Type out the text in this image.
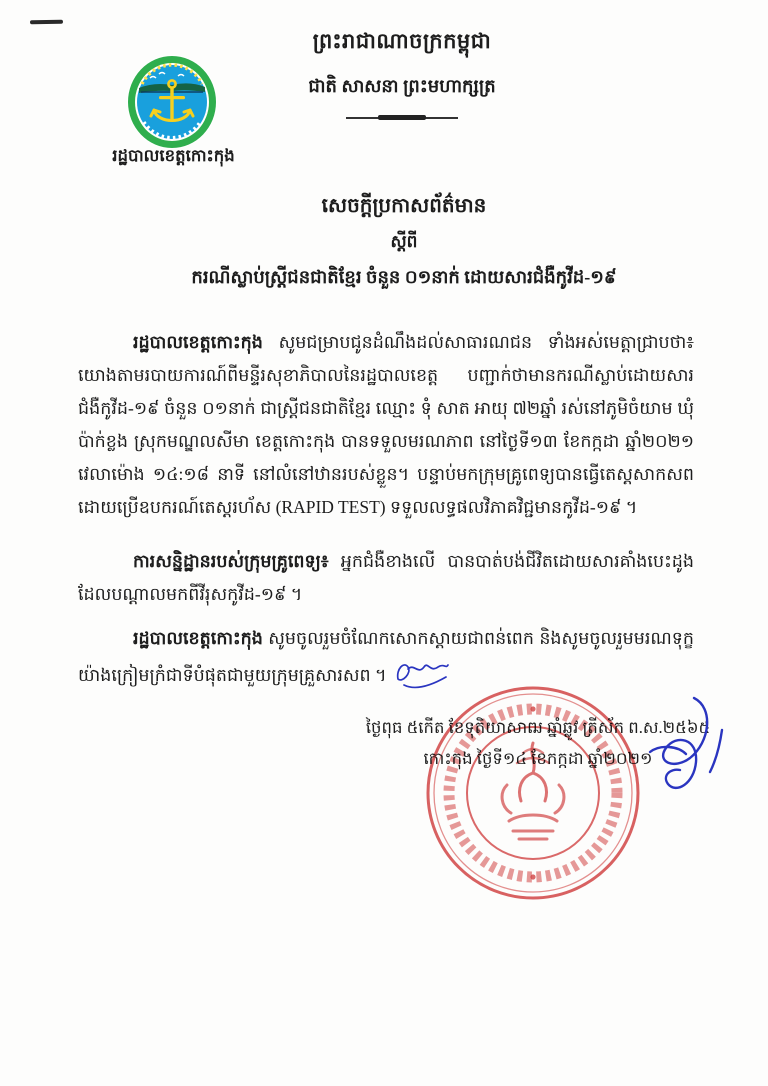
ព្រះរាជាណាចក្រកម្ពុជា
ជាតិ សាសនា ព្រះមហាក្សត្រ
រដ្ឋបាលខេត្តកោះកុង
សេចក្តីប្រកាសព័ត៌មាន
ស្តីពី
ករណីស្លាប់ស្ត្រីជនជាតិខ្មែរ ចំនួន ០១នាក់ ដោយសារជំងឺកូវីដ-១៩

រដ្ឋបាលខេត្តកោះកុង សូមជម្រាបជូនដំណឹងដល់សាធារណជន ទាំងអស់មេត្តាជ្រាបថា៖ យោងតាមរបាយការណ៍ពីមន្ទីរសុខាភិបាលនៃរដ្ឋបាលខេត្ត បញ្ជាក់ថាមានករណីស្លាប់ដោយសារជំងឺកូវីដ-១៩ ចំនួន ០១នាក់ ជាស្ត្រីជនជាតិខ្មែរ ឈ្មោះ ទុំ សាត អាយុ ៧២ឆ្នាំ រស់នៅភូមិចំយាម ឃុំប៉ាក់ខ្លង ស្រុកមណ្ឌលសីមា ខេត្តកោះកុង បានទទួលមរណភាព នៅថ្ងៃទី១៣ ខែកក្កដា ឆ្នាំ២០២១ វេលាម៉ោង ១៤:១៨ នាទី នៅលំនៅឋានរបស់ខ្លួន។ បន្ទាប់មកក្រុមគ្រូពេទ្យបានធ្វើតេស្តសាកសព ដោយប្រើឧបករណ៍តេស្តរហ័ស (RAPID TEST) ទទួលលទ្ធផលវិភាគវិជ្ជមានកូវីដ-១៩ ។

ការសន្និដ្ឋានរបស់ក្រុមគ្រូពេទ្យ៖ អ្នកជំងឺខាងលើ បានបាត់បង់ជីវិតដោយសារគាំងបេះដូង ដែលបណ្តាលមកពីវីរុសកូវីដ-១៩ ។

រដ្ឋបាលខេត្តកោះកុង សូមចូលរួមចំណែកសោកស្តាយជាពន់ពេក និងសូមចូលរួមមរណទុក្ខយ៉ាងក្រៀមក្រំជាទីបំផុតជាមួយក្រុមគ្រួសារសព ។

ថ្ងៃពុធ ៥កើត ខែទុតិយាសាឍ ឆ្នាំឆ្លូវ ត្រីស័ក ព.ស.២៥៦៥
កោះកុង ថ្ងៃទី១៤ ខែកក្កដា ឆ្នាំ២០២១
